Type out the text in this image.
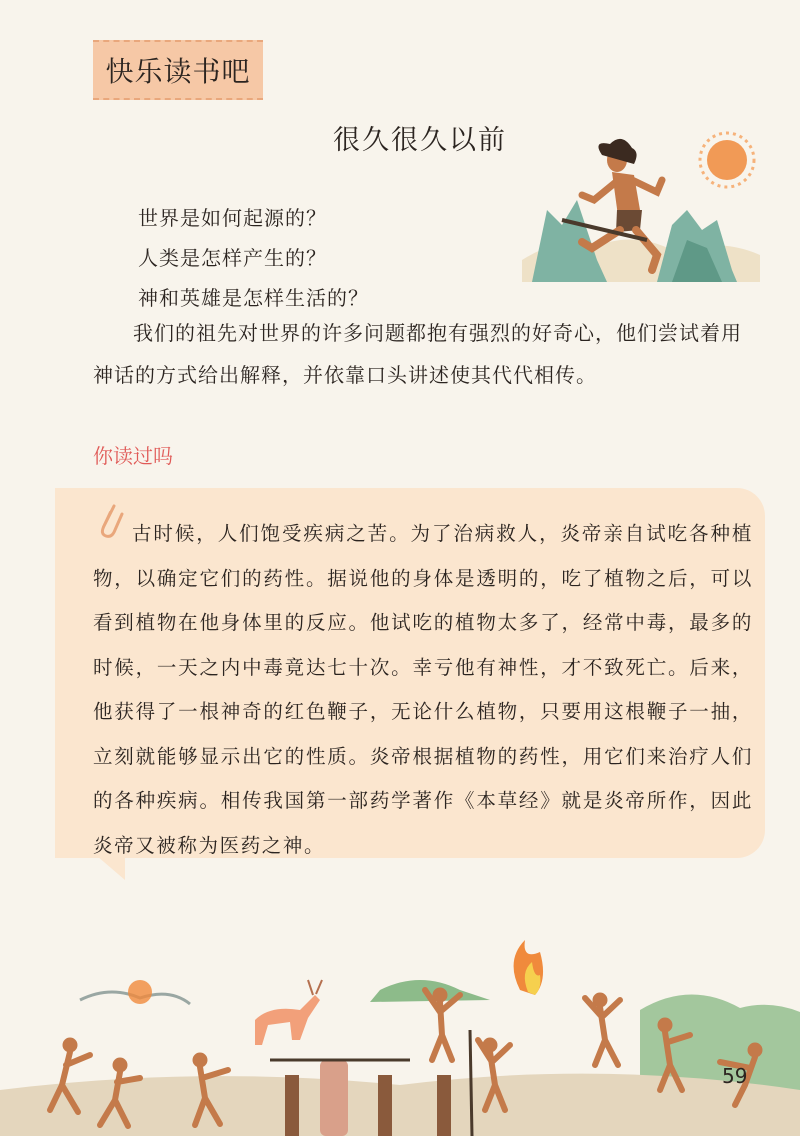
快乐读书吧
很久很久以前
世界是如何起源的？
人类是怎样产生的？
神和英雄是怎样生活的？
我们的祖先对世界的许多问题都抱有强烈的好奇心，他们尝试着用神话的方式给出解释，并依靠口头讲述使其代代相传。
你读过吗
古时候，人们饱受疾病之苦。为了治病救人，炎帝亲自试吃各种植物，以确定它们的药性。据说他的身体是透明的，吃了植物之后，可以看到植物在他身体里的反应。他试吃的植物太多了，经常中毒，最多的时候，一天之内中毒竟达七十次。幸亏他有神性，才不致死亡。后来，他获得了一根神奇的红色鞭子，无论什么植物，只要用这根鞭子一抽，立刻就能够显示出它的性质。炎帝根据植物的药性，用它们来治疗人们的各种疾病。相传我国第一部药学著作《本草经》就是炎帝所作，因此炎帝又被称为医药之神。
59
